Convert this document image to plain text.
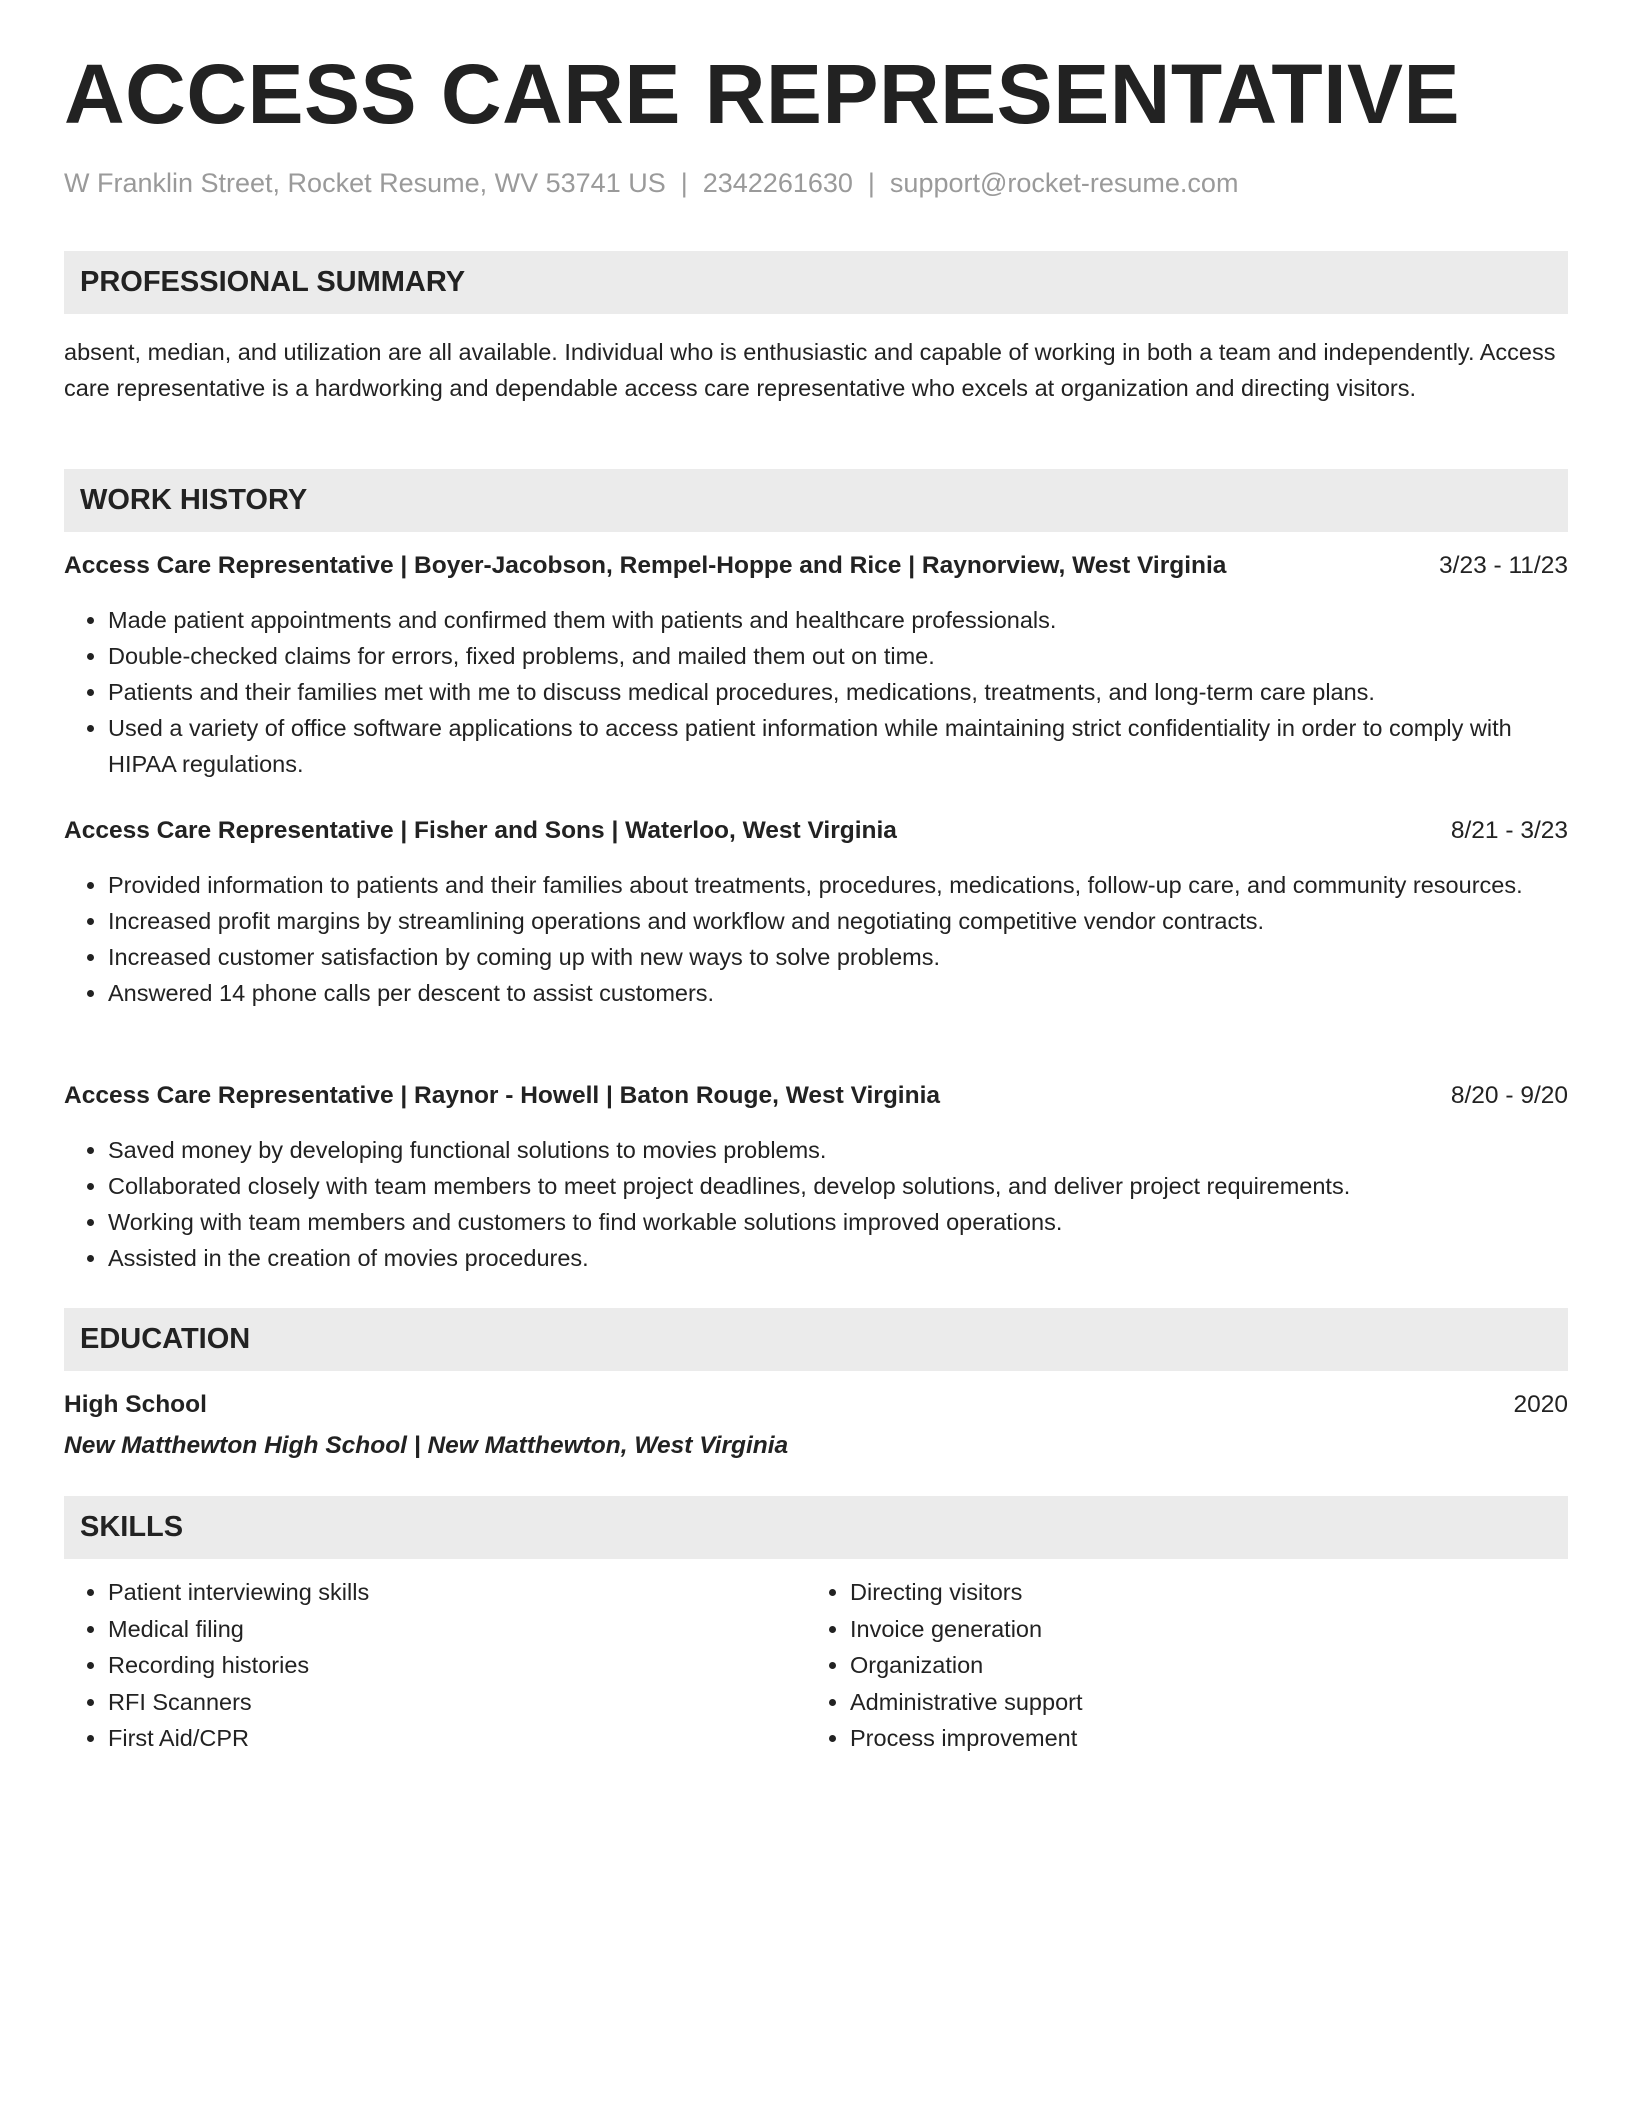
ACCESS CARE REPRESENTATIVE
W Franklin Street, Rocket Resume, WV 53741 US | 2342261630 | support@rocket-resume.com
PROFESSIONAL SUMMARY

absent, median, and utilization are all available. Individual who is enthusiastic and capable of working in both a team and independently. Access care representative is a hardworking and dependable access care representative who excels at organization and directing visitors.

WORK HISTORY
Access Care Representative | Boyer-Jacobson, Rempel-Hoppe and Rice | Raynorview, West Virginia	3/23 - 11/23
• Made patient appointments and confirmed them with patients and healthcare professionals.
• Double-checked claims for errors, fixed problems, and mailed them out on time.
• Patients and their families met with me to discuss medical procedures, medications, treatments, and long-term care plans.
• Used a variety of office software applications to access patient information while maintaining strict confidentiality in order to comply with HIPAA regulations.
Access Care Representative | Fisher and Sons | Waterloo, West Virginia	8/21 - 3/23
• Provided information to patients and their families about treatments, procedures, medications, follow-up care, and community resources.
• Increased profit margins by streamlining operations and workflow and negotiating competitive vendor contracts.
• Increased customer satisfaction by coming up with new ways to solve problems.
• Answered 14 phone calls per descent to assist customers.
Access Care Representative | Raynor - Howell | Baton Rouge, West Virginia	8/20 - 9/20
• Saved money by developing functional solutions to movies problems.
• Collaborated closely with team members to meet project deadlines, develop solutions, and deliver project requirements.
• Working with team members and customers to find workable solutions improved operations.
• Assisted in the creation of movies procedures.
EDUCATION
High School	2020
New Matthewton High School | New Matthewton, West Virginia
SKILLS
• Patient interviewing skills
• Medical filing
• Recording histories
• RFI Scanners
• First Aid/CPR
• Directing visitors
• Invoice generation
• Organization
• Administrative support
• Process improvement
